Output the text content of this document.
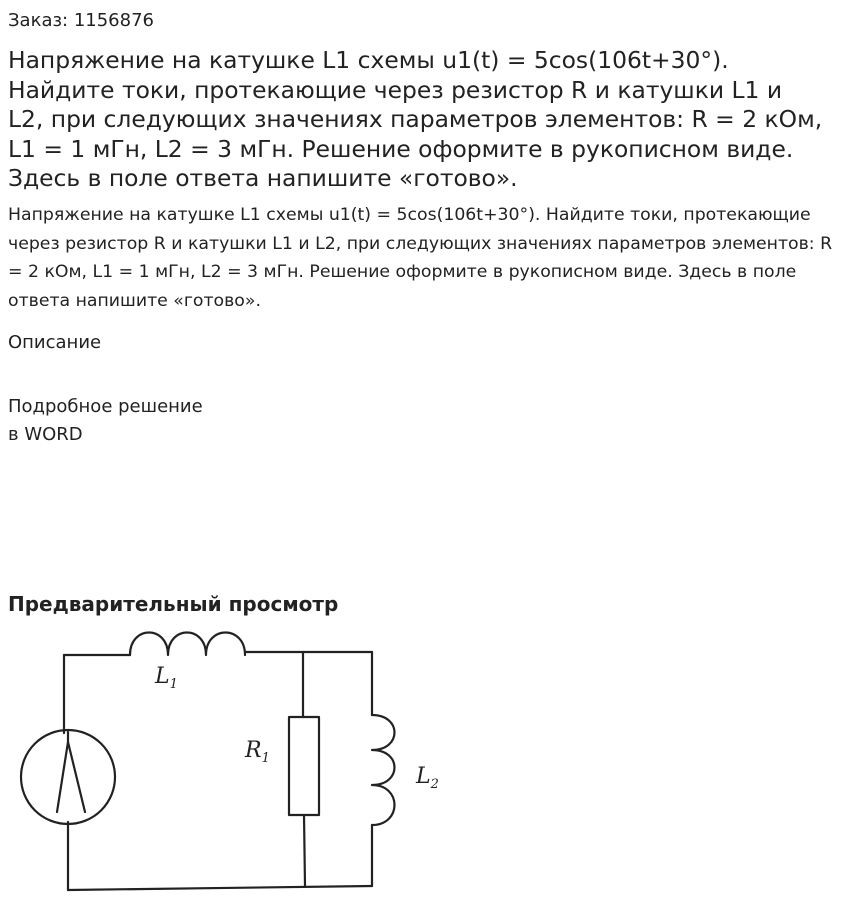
Заказ: 1156876
Напряжение на катушке L1 схемы u1(t) = 5cos(106t+30°). Найдите токи, протекающие через резистор R и катушки L1 и L2, при следующих значениях параметров элементов: R = 2 кОм, L1 = 1 мГн, L2 = 3 мГн. Решение оформите в рукописном виде. Здесь в поле ответа напишите «готово».

Напряжение на катушке L1 схемы u1(t) = 5cos(106t+30°). Найдите токи, протекающие через резистор R и катушки L1 и L2, при следующих значениях параметров элементов: R = 2 кОм, L1 = 1 мГн, L2 = 3 мГн. Решение оформите в рукописном виде. Здесь в поле ответа напишите «готово».

Описание
Подробное решение
в WORD
Предварительный просмотр
$L_1$
$R_1$
$L_2$
